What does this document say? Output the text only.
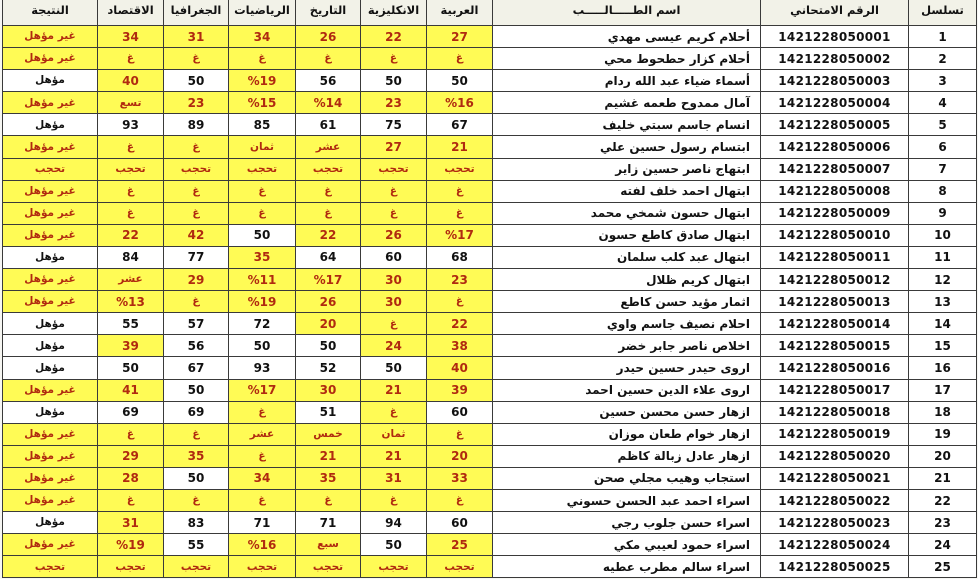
النتيجة	الاقتصاد	الجغرافيا	الرياضيات	التاريخ	الانكليزية	العربية	اسم الطـــــالـــــب	الرقم الامتحاني	تسلسل
غير مؤهل	34	31	34	26	22	27	أحلام كريم عيسى مهدي	1421228050001	1
غير مؤهل	غ	غ	غ	غ	غ	غ	أحلام كزار حطحوط محي	1421228050002	2
مؤهل	40	50	%19	56	50	50	أسماء ضياء عبد الله ردام	1421228050003	3
غير مؤهل	تسع	23	%15	%14	23	%16	آمال ممدوح طعمه غشيم	1421228050004	4
مؤهل	93	89	85	61	75	67	انسام جاسم سبتي خليف	1421228050005	5
غير مؤهل	غ	غ	ثمان	عشر	27	21	ابتسام رسول حسين علي	1421228050006	6
تحجب	تحجب	تحجب	تحجب	تحجب	تحجب	تحجب	ابتهاج ناصر حسين زاير	1421228050007	7
غير مؤهل	غ	غ	غ	غ	غ	غ	ابتهال احمد خلف لفته	1421228050008	8
غير مؤهل	غ	غ	غ	غ	غ	غ	ابتهال حسون شمخي محمد	1421228050009	9
غير مؤهل	22	42	50	22	26	%17	ابتهال صادق كاطع حسون	1421228050010	10
مؤهل	84	77	35	64	60	68	ابتهال عبد كلب سلمان	1421228050011	11
غير مؤهل	عشر	29	%11	%17	30	23	ابتهال كريم ظلال	1421228050012	12
غير مؤهل	%13	غ	%19	26	30	غ	اثمار مؤيد حسن كاطع	1421228050013	13
مؤهل	55	57	72	20	غ	22	احلام نصيف جاسم واوي	1421228050014	14
مؤهل	39	56	50	50	24	38	اخلاص ناصر جابر خضر	1421228050015	15
مؤهل	50	67	93	52	50	40	اروى حيدر حسين حيدر	1421228050016	16
غير مؤهل	41	50	%17	30	21	39	اروى علاء الدين حسين احمد	1421228050017	17
مؤهل	69	69	غ	51	غ	60	ازهار حسن محسن حسين	1421228050018	18
غير مؤهل	غ	غ	عشر	خمس	ثمان	غ	ازهار خوام طعان موزان	1421228050019	19
غير مؤهل	29	35	غ	21	21	20	ازهار عادل زبالة كاظم	1421228050020	20
غير مؤهل	28	50	34	35	31	33	استجاب وهيب مجلي صحن	1421228050021	21
غير مؤهل	غ	غ	غ	غ	غ	غ	اسراء احمد عبد الحسن حسوني	1421228050022	22
مؤهل	31	83	71	71	94	60	اسراء حسن جلوب رجي	1421228050023	23
غير مؤهل	%19	55	%16	سبع	50	25	اسراء حمود لعيبي مكي	1421228050024	24
تحجب	تحجب	تحجب	تحجب	تحجب	تحجب	تحجب	اسراء سالم مطرب عطيه	1421228050025	25
